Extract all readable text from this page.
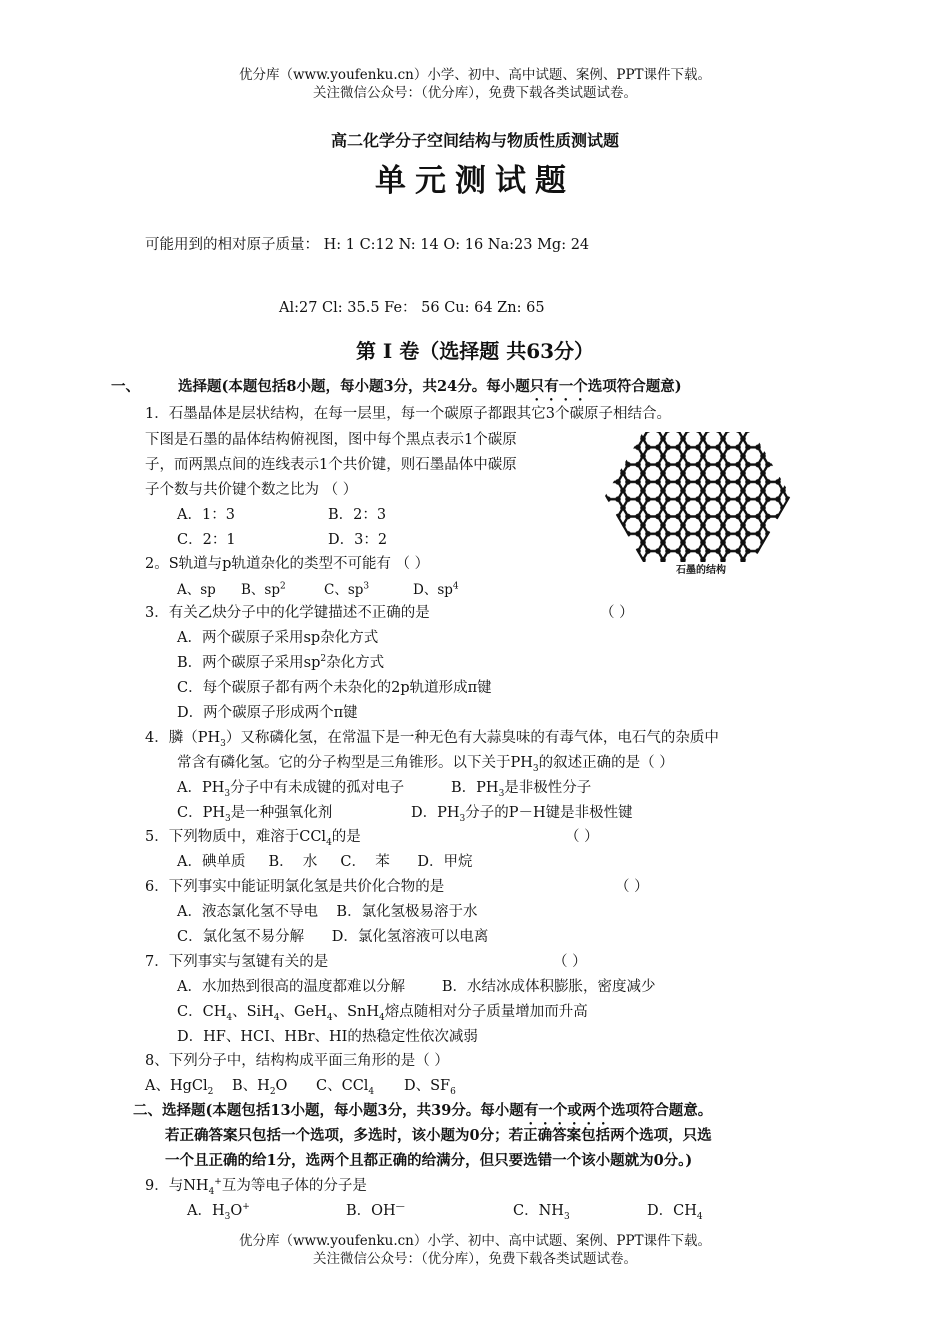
优分库（www.youfenku.cn）小学、初中、高中试题、案例、PPT课件下载。
关注微信公众号：（优分库），免费下载各类试题试卷。
高二化学分子空间结构与物质性质测试题
单元测试题
可能用到的相对原子质量： H: 1 C:12 N: 14 O: 16 Na:23 Mg: 24
Al:27 Cl: 35.5 Fe： 56 Cu: 64 Zn: 65
第 Ⅰ 卷（选择题 共63分）
一、	选择题(本题包括8小题，每小题3分，共24分。每小题只有一个选项符合题意)
1．石墨晶体是层状结构，在每一层里，每一个碳原子都跟其它3个碳原子相结合。
下图是石墨的晶体结构俯视图，图中每个黑点表示1个碳原
子，而两黑点间的连线表示1个共价键，则石墨晶体中碳原
子个数与共价键个数之比为 （ ）
A．1：3	B．2：3
C．2：1	D．3：2
石墨的结构
2。S轨道与p轨道杂化的类型不可能有 （ ）
A、sp B、$sp^2$	C、$sp^3$	D、$sp^4$
3．有关乙炔分子中的化学键描述不正确的是	（ ）
A．两个碳原子采用sp杂化方式
B．两个碳原子采用$sp^2$杂化方式
C．每个碳原子都有两个未杂化的2p轨道形成π键
D．两个碳原子形成两个π键
4．膦$(PH_3)$又称磷化氢，在常温下是一种无色有大蒜臭味的有毒气体，电石气的杂质中
常含有磷化氢。它的分子构型是三角锥形。以下关于$PH_3$的叙述正确的是（ ）
A．$PH_3$分子中有未成键的孤对电子	B．$PH_3$是非极性分子
C．$PH_3$是一种强氧化剂	D．$PH_3$分子的P－H键是非极性键
5．下列物质中，难溶于CCl$_4$的是	（ ）
A．碘单质     B．  水     C．  苯      D．甲烷
6．下列事实中能证明氯化氢是共价化合物的是	（ ）
A．液态氯化氢不导电    B．氯化氢极易溶于水
C．氯化氢不易分解      D．氯化氢溶液可以电离
7．下列事实与氢键有关的是	（ ）
A．水加热到很高的温度都难以分解        B．水结冰成体积膨胀，密度减少
C．$CH_4$、SiH$_4$、GeH$_4$、SnH$_4$熔点随相对分子质量增加而升高
D．HF、HCI、HBr、HI的热稳定性依次减弱
8、下列分子中，结构构成平面三角形的是（ ）
A、HgCl$_2$ B、$H_2O$ C、CCl$_4$ D、$SF_6$
二、选择题(本题包括13小题，每小题3分，共39分。每小题有一个或两个选项符合题意。
若正确答案只包括一个选项，多选时，该小题为0分；若正确答案包括两个选项，只选
一个且正确的给1分，选两个且都正确的给满分，但只要选错一个该小题就为0分。)
9．与$NH_4^+$互为等电子体的分子是
A．$H_3O^+$	B．OH—	C．$NH_3$	D．$CH_4$
优分库（www.youfenku.cn）小学、初中、高中试题、案例、PPT课件下载。
关注微信公众号：（优分库），免费下载各类试题试卷。
